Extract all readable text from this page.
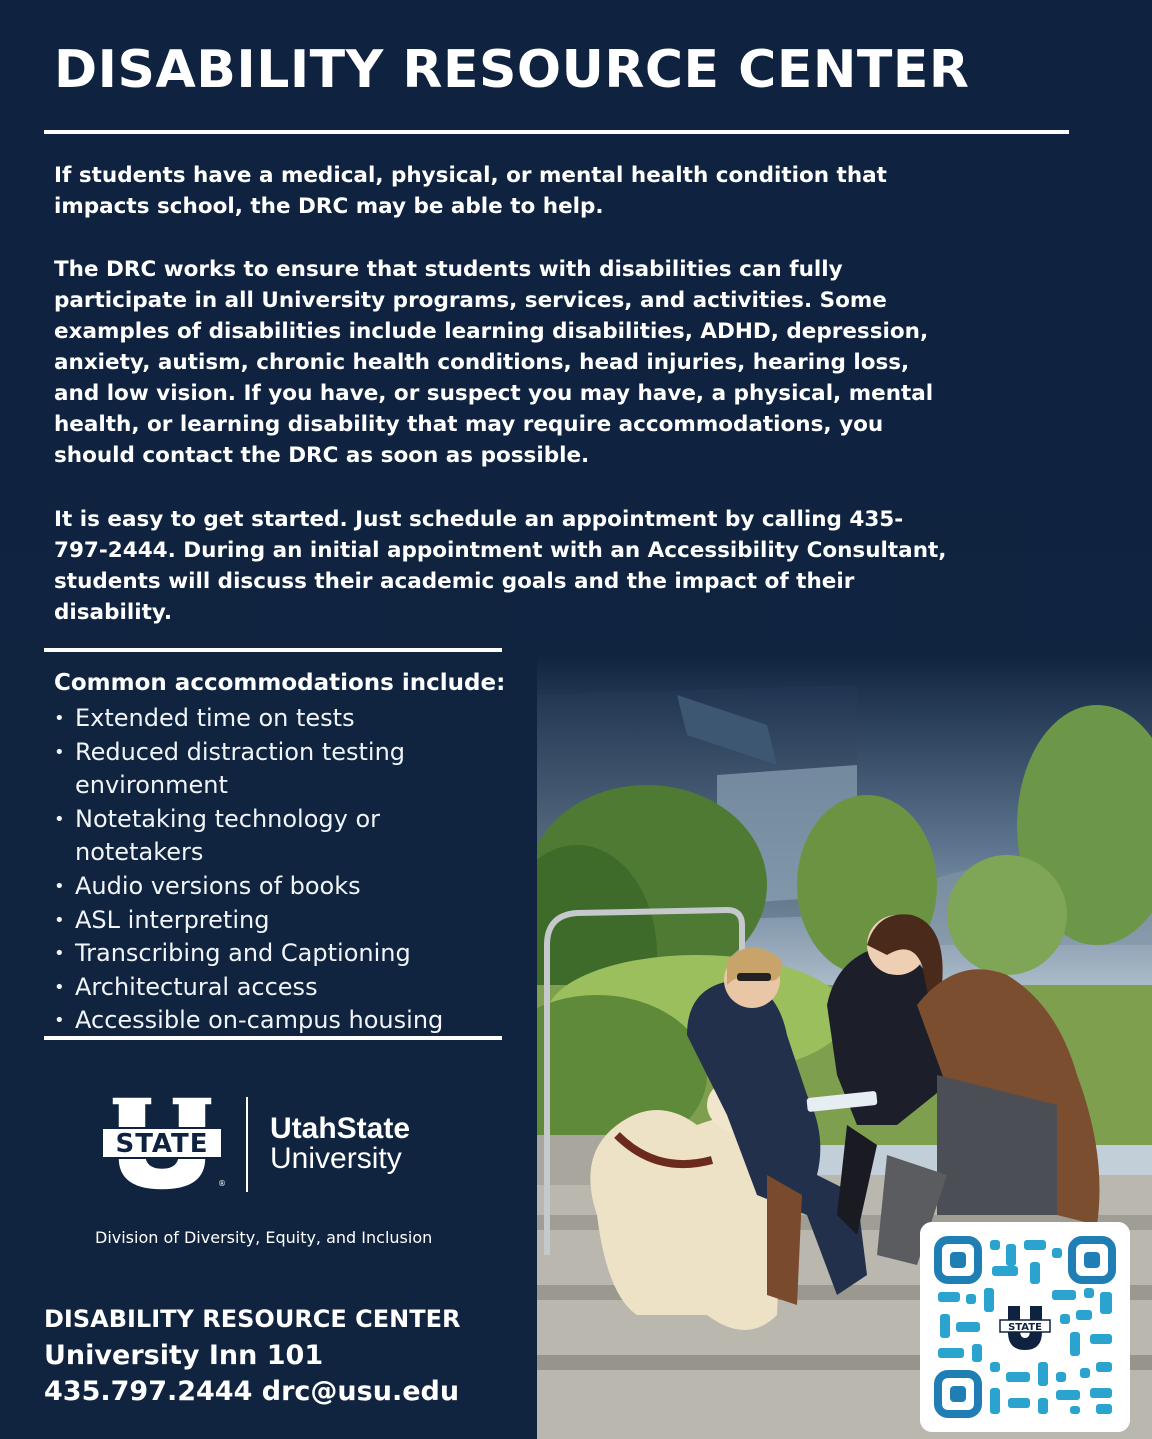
DISABILITY RESOURCE CENTER
If students have a medical, physical, or mental health condition that impacts school, the DRC may be able to help.
The DRC works to ensure that students with disabilities can fully participate in all University programs, services, and activities. Some examples of disabilities include learning disabilities, ADHD, depression, anxiety, autism, chronic health conditions, head injuries, hearing loss, and low vision. If you have, or suspect you may have, a physical, mental health, or learning disability that may require accommodations, you should contact the DRC as soon as possible.
It is easy to get started. Just schedule an appointment by calling 435-797-2444. During an initial appointment with an Accessibility Consultant, students will discuss their academic goals and the impact of their disability.
Common accommodations include:
• Extended time on tests
• Reduced distraction testing environment
• Notetaking technology or notetakers
• Audio versions of books
• ASL interpreting
• Transcribing and Captioning
• Architectural access
• Accessible on-campus housing
STATE
®
UtahState
University
Division of Diversity, Equity, and Inclusion
DISABILITY RESOURCE CENTER
University Inn 101
435.797.2444 drc@usu.edu
STATE
